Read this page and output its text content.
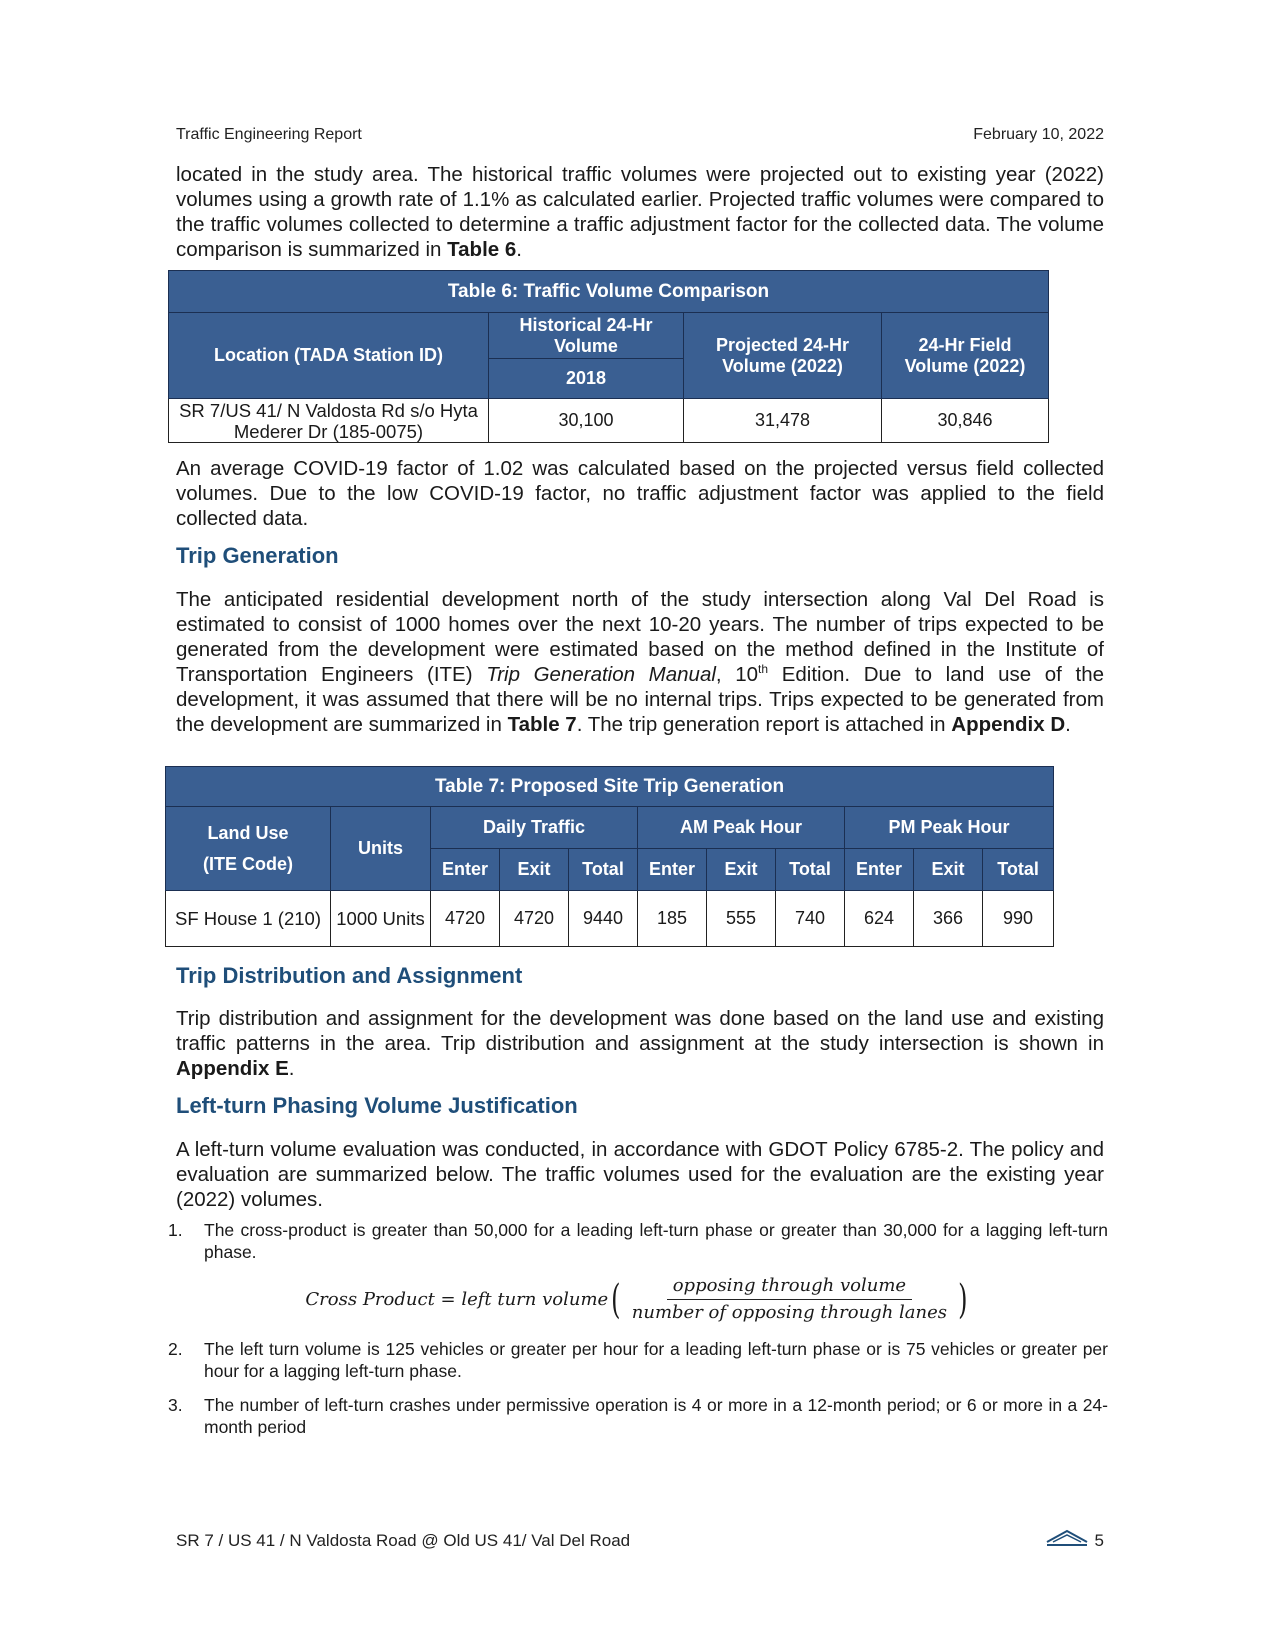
Traffic Engineering Report	February 10, 2022

located in the study area. The historical traffic volumes were projected out to existing year (2022) volumes using a growth rate of 1.1% as calculated earlier. Projected traffic volumes were compared to the traffic volumes collected to determine a traffic adjustment factor for the collected data. The volume comparison is summarized in Table 6.

Table 6: Traffic Volume Comparison			
Location (TADA Station ID)	Historical 24-Hr Volume	Projected 24-Hr Volume (2022)	24-Hr Field Volume (2022)
	2018		
SR 7/US 41/ N Valdosta Rd s/o Hyta Mederer Dr (185-0075)	30,100	31,478	30,846

An average COVID-19 factor of 1.02 was calculated based on the projected versus field collected volumes. Due to the low COVID-19 factor, no traffic adjustment factor was applied to the field collected data.

Trip Generation

The anticipated residential development north of the study intersection along Val Del Road is estimated to consist of 1000 homes over the next 10-20 years. The number of trips expected to be generated from the development were estimated based on the method defined in the Institute of Transportation Engineers (ITE) Trip Generation Manual, 10th Edition. Due to land use of the development, it was assumed that there will be no internal trips. Trips expected to be generated from the development are summarized in Table 7. The trip generation report is attached in Appendix D.

Table 7: Proposed Site Trip Generation										

Land Use
(ITE Code)	Units	Daily Traffic			AM Peak Hour			PM Peak Hour		
		Enter	Exit	Total	Enter	Exit	Total	Enter	Exit	Total
SF House 1 (210)	1000 Units	4720	4720	9440	185	555	740	624	366	990
Trip Distribution and Assignment

Trip distribution and assignment for the development was done based on the land use and existing traffic patterns in the area. Trip distribution and assignment at the study intersection is shown in Appendix E.

Left-turn Phasing Volume Justification

A left-turn volume evaluation was conducted, in accordance with GDOT Policy 6785-2. The policy and evaluation are summarized below. The traffic volumes used for the evaluation are the existing year (2022) volumes.

1.	The cross-product is greater than 50,000 for a leading left-turn phase or greater than 30,000 for a lagging left-turn phase.
Cross Product = left turn volume ( $\frac{\text{opposing through volume}}{\text{number of opposing through lanes}}$ )
2.	The left turn volume is 125 vehicles or greater per hour for a leading left-turn phase or is 75 vehicles or greater per hour for a lagging left-turn phase.
3.	The number of left-turn crashes under permissive operation is 4 or more in a 12-month period; or 6 or more in a 24-month period
SR 7 / US 41 / N Valdosta Road @ Old US 41/ Val Del Road	5
